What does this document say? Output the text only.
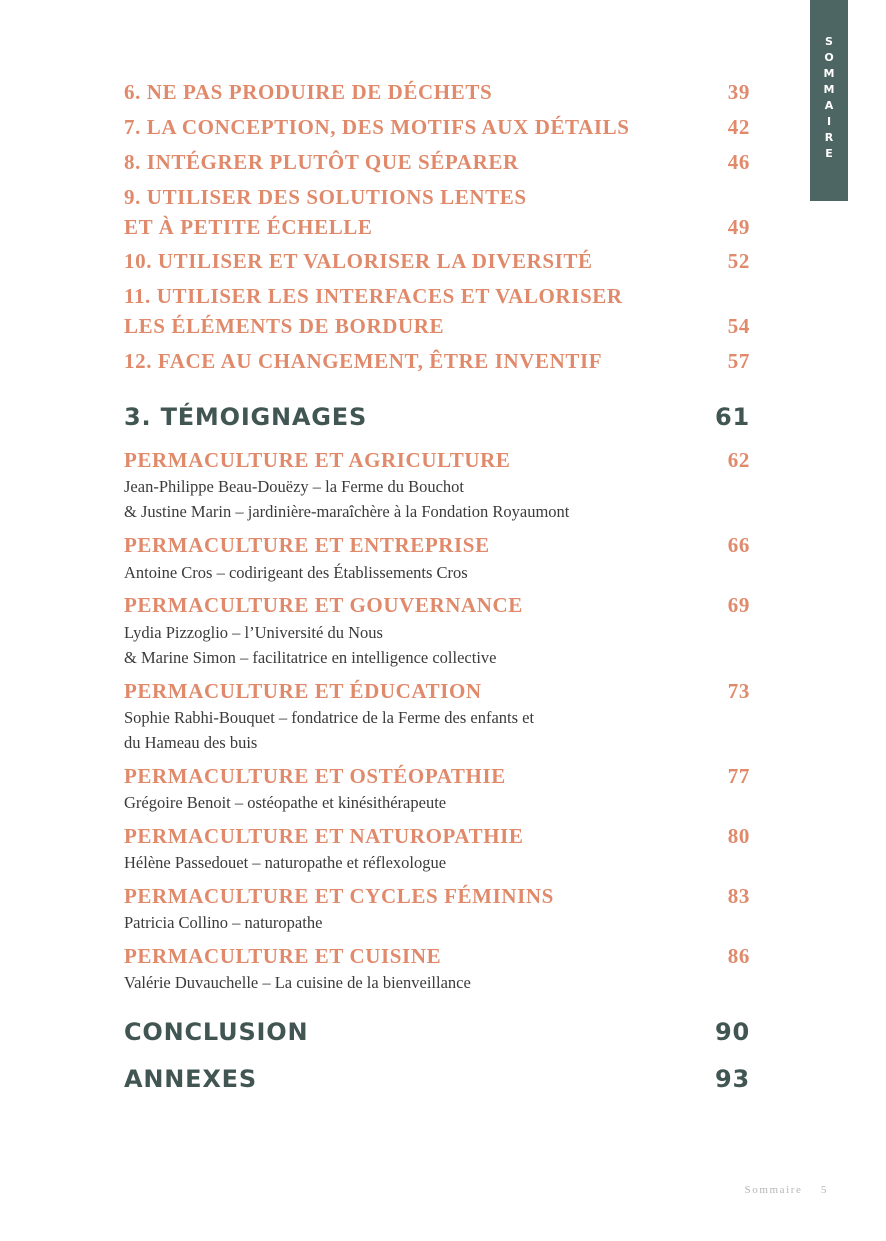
S
O
M
M
A
I
R
E
6. NE PAS PRODUIRE DE DÉCHETS	39
7. LA CONCEPTION, DES MOTIFS AUX DÉTAILS	42
8. INTÉGRER PLUTÔT QUE SÉPARER	46
9. UTILISER DES SOLUTIONS LENTES
ET À PETITE ÉCHELLE	49
10. UTILISER ET VALORISER LA DIVERSITÉ	52
11. UTILISER LES INTERFACES ET VALORISER
LES ÉLÉMENTS DE BORDURE	54
12. FACE AU CHANGEMENT, ÊTRE INVENTIF	57
3. TÉMOIGNAGES	61
PERMACULTURE ET AGRICULTURE	62
Jean-Philippe Beau-Douëzy – la Ferme du Bouchot
& Justine Marin – jardinière-maraîchère à la Fondation Royaumont
PERMACULTURE ET ENTREPRISE	66
Antoine Cros – codirigeant des Établissements Cros
PERMACULTURE ET GOUVERNANCE	69
Lydia Pizzoglio – l’Université du Nous
& Marine Simon – facilitatrice en intelligence collective
PERMACULTURE ET ÉDUCATION	73
Sophie Rabhi-Bouquet – fondatrice de la Ferme des enfants et
du Hameau des buis
PERMACULTURE ET OSTÉOPATHIE	77
Grégoire Benoit – ostéopathe et kinésithérapeute
PERMACULTURE ET NATUROPATHIE	80
Hélène Passedouet – naturopathe et réflexologue
PERMACULTURE ET CYCLES FÉMININS	83
Patricia Collino – naturopathe
PERMACULTURE ET CUISINE	86
Valérie Duvauchelle – La cuisine de la bienveillance
CONCLUSION	90
ANNEXES	93
Sommaire 5
